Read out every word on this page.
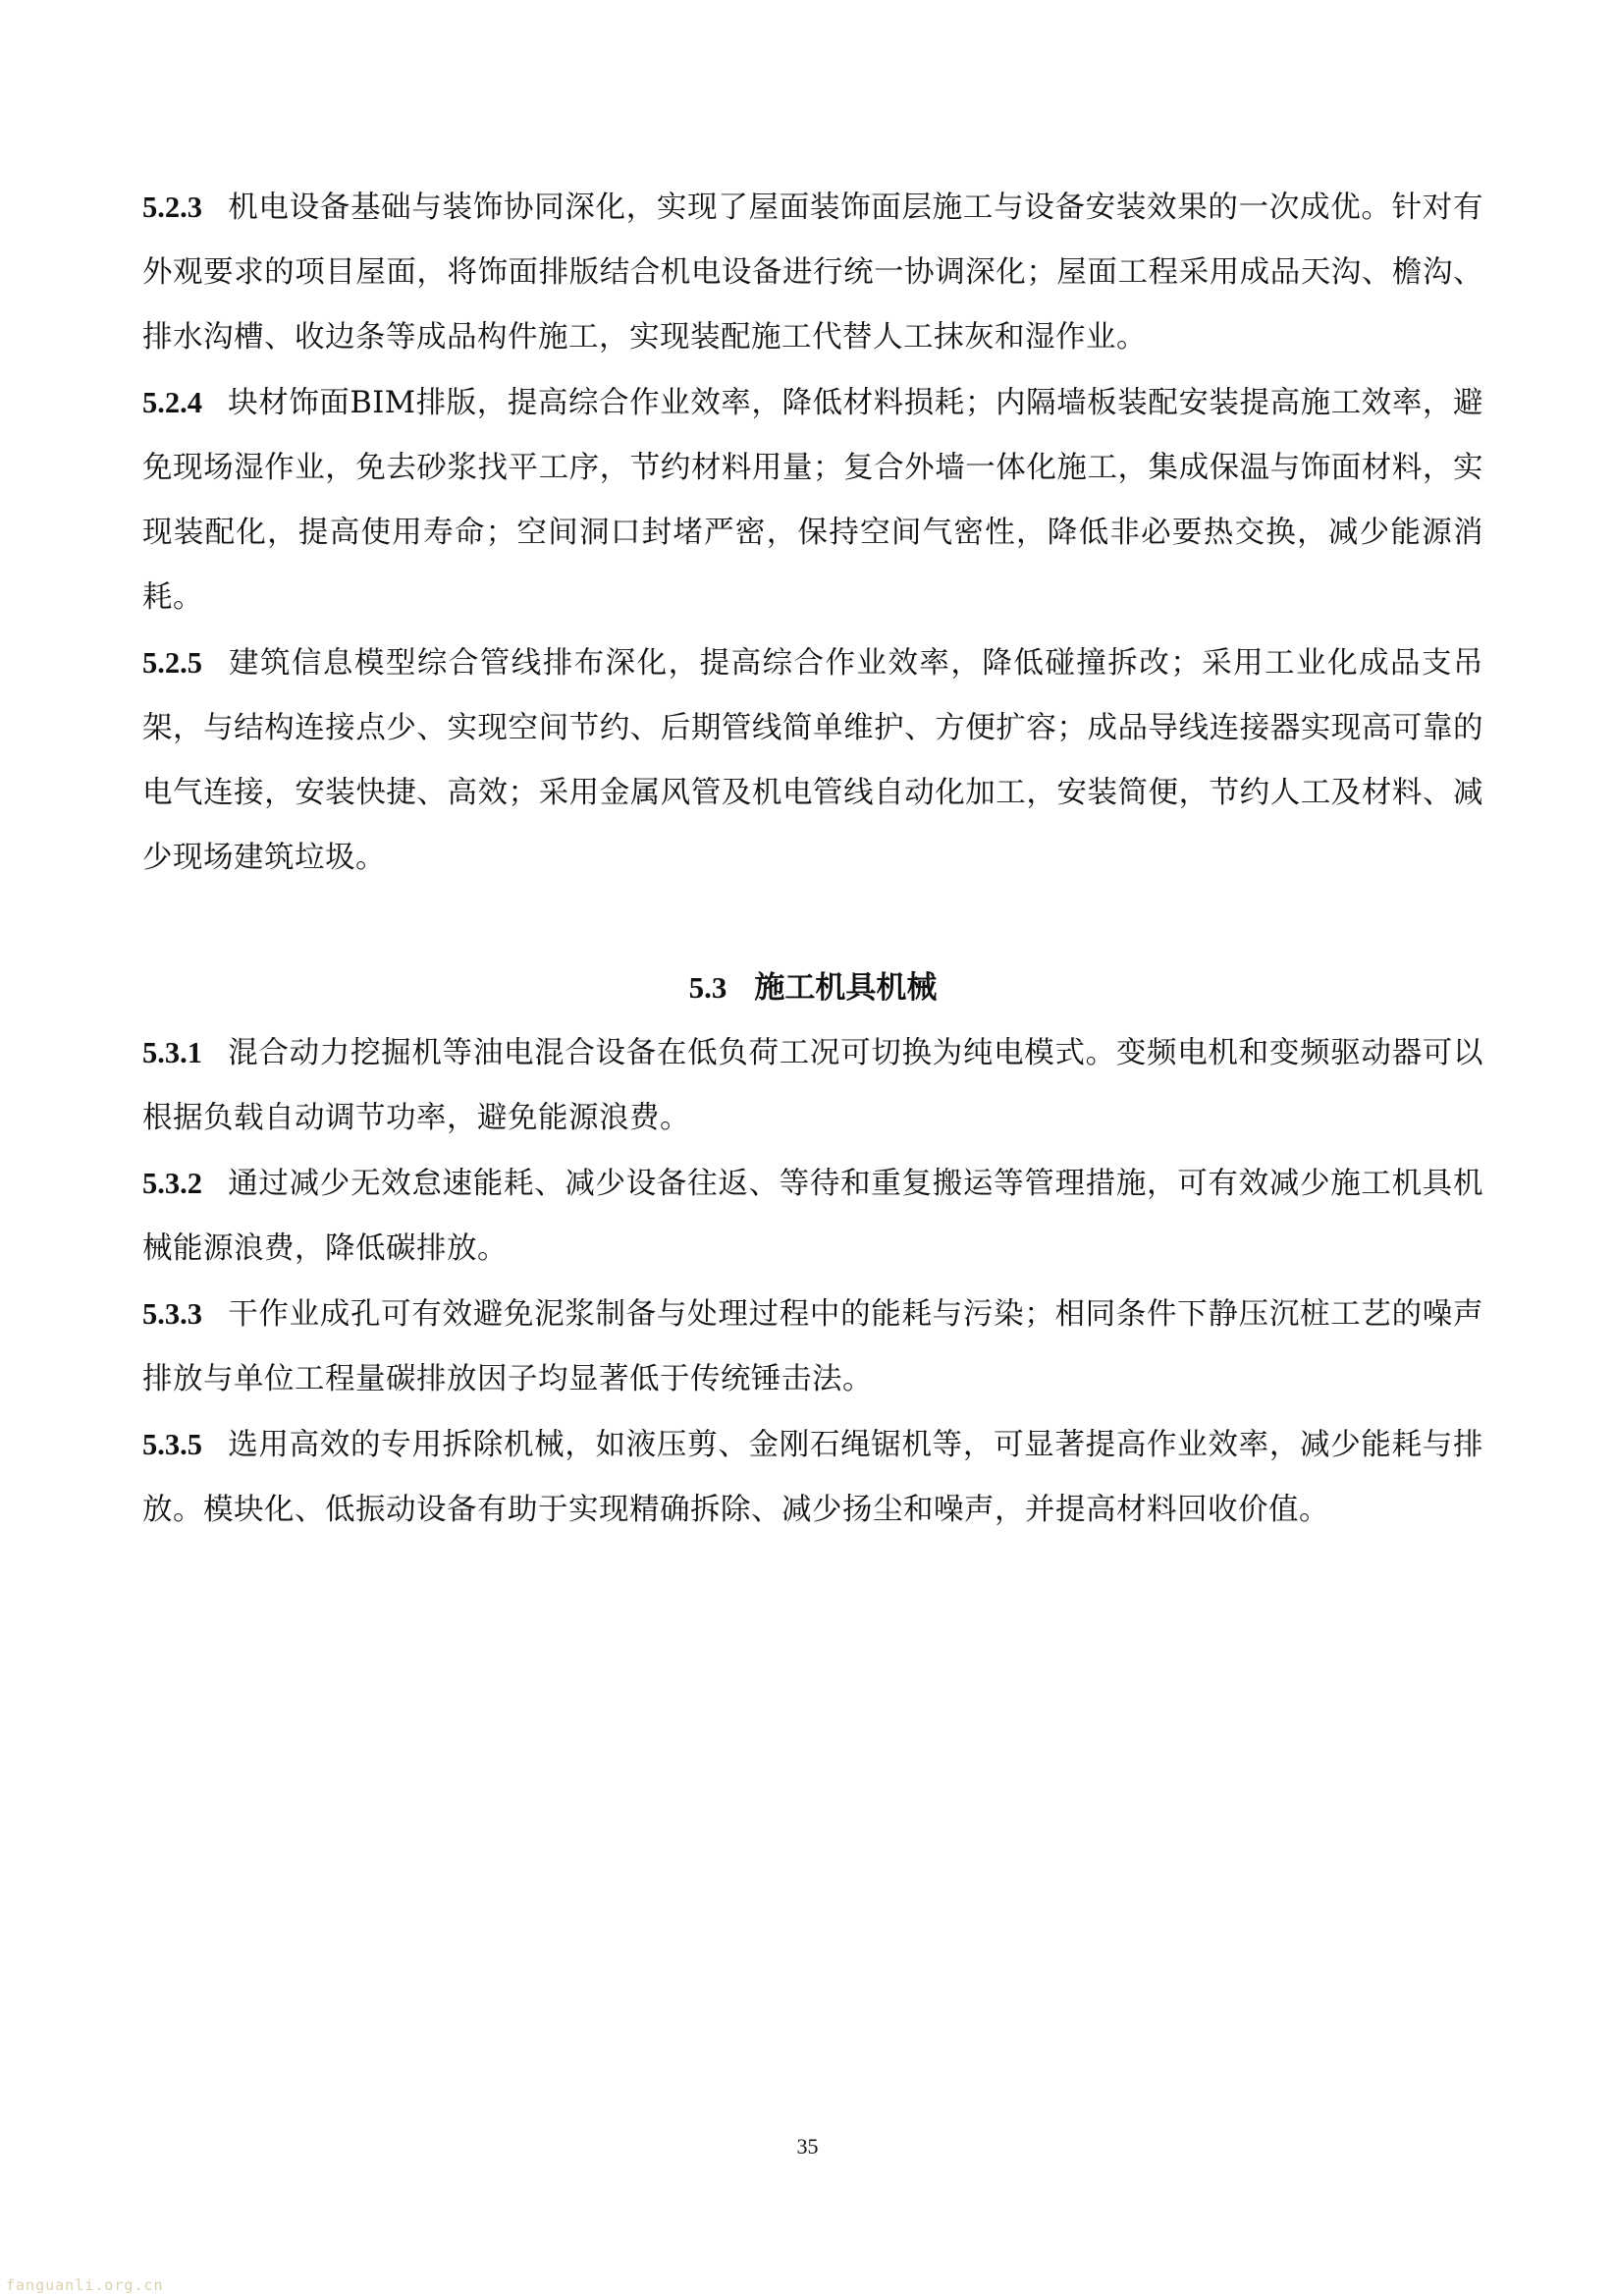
5.2.3 机电设备基础与装饰协同深化，实现了屋面装饰面层施工与设备安装效果的一次成优。针对有外观要求的项目屋面，将饰面排版结合机电设备进行统一协调深化；屋面工程采用成品天沟、檐沟、排水沟槽、收边条等成品构件施工，实现装配施工代替人工抹灰和湿作业。

5.2.4 块材饰面BIM排版，提高综合作业效率，降低材料损耗；内隔墙板装配安装提高施工效率，避免现场湿作业，免去砂浆找平工序，节约材料用量；复合外墙一体化施工，集成保温与饰面材料，实现装配化，提高使用寿命；空间洞口封堵严密，保持空间气密性，降低非必要热交换，减少能源消耗。

5.2.5 建筑信息模型综合管线排布深化，提高综合作业效率，降低碰撞拆改；采用工业化成品支吊架，与结构连接点少、实现空间节约、后期管线简单维护、方便扩容；成品导线连接器实现高可靠的电气连接，安装快捷、高效；采用金属风管及机电管线自动化加工，安装简便，节约人工及材料、减少现场建筑垃圾。

5.3 施工机具机械

5.3.1 混合动力挖掘机等油电混合设备在低负荷工况可切换为纯电模式。变频电机和变频驱动器可以根据负载自动调节功率，避免能源浪费。

5.3.2 通过减少无效怠速能耗、减少设备往返、等待和重复搬运等管理措施，可有效减少施工机具机械能源浪费，降低碳排放。

5.3.3 干作业成孔可有效避免泥浆制备与处理过程中的能耗与污染；相同条件下静压沉桩工艺的噪声排放与单位工程量碳排放因子均显著低于传统锤击法。

5.3.5 选用高效的专用拆除机械，如液压剪、金刚石绳锯机等，可显著提高作业效率，减少能耗与排放。模块化、低振动设备有助于实现精确拆除、减少扬尘和噪声，并提高材料回收价值。

35
fanguanli.org.cn
